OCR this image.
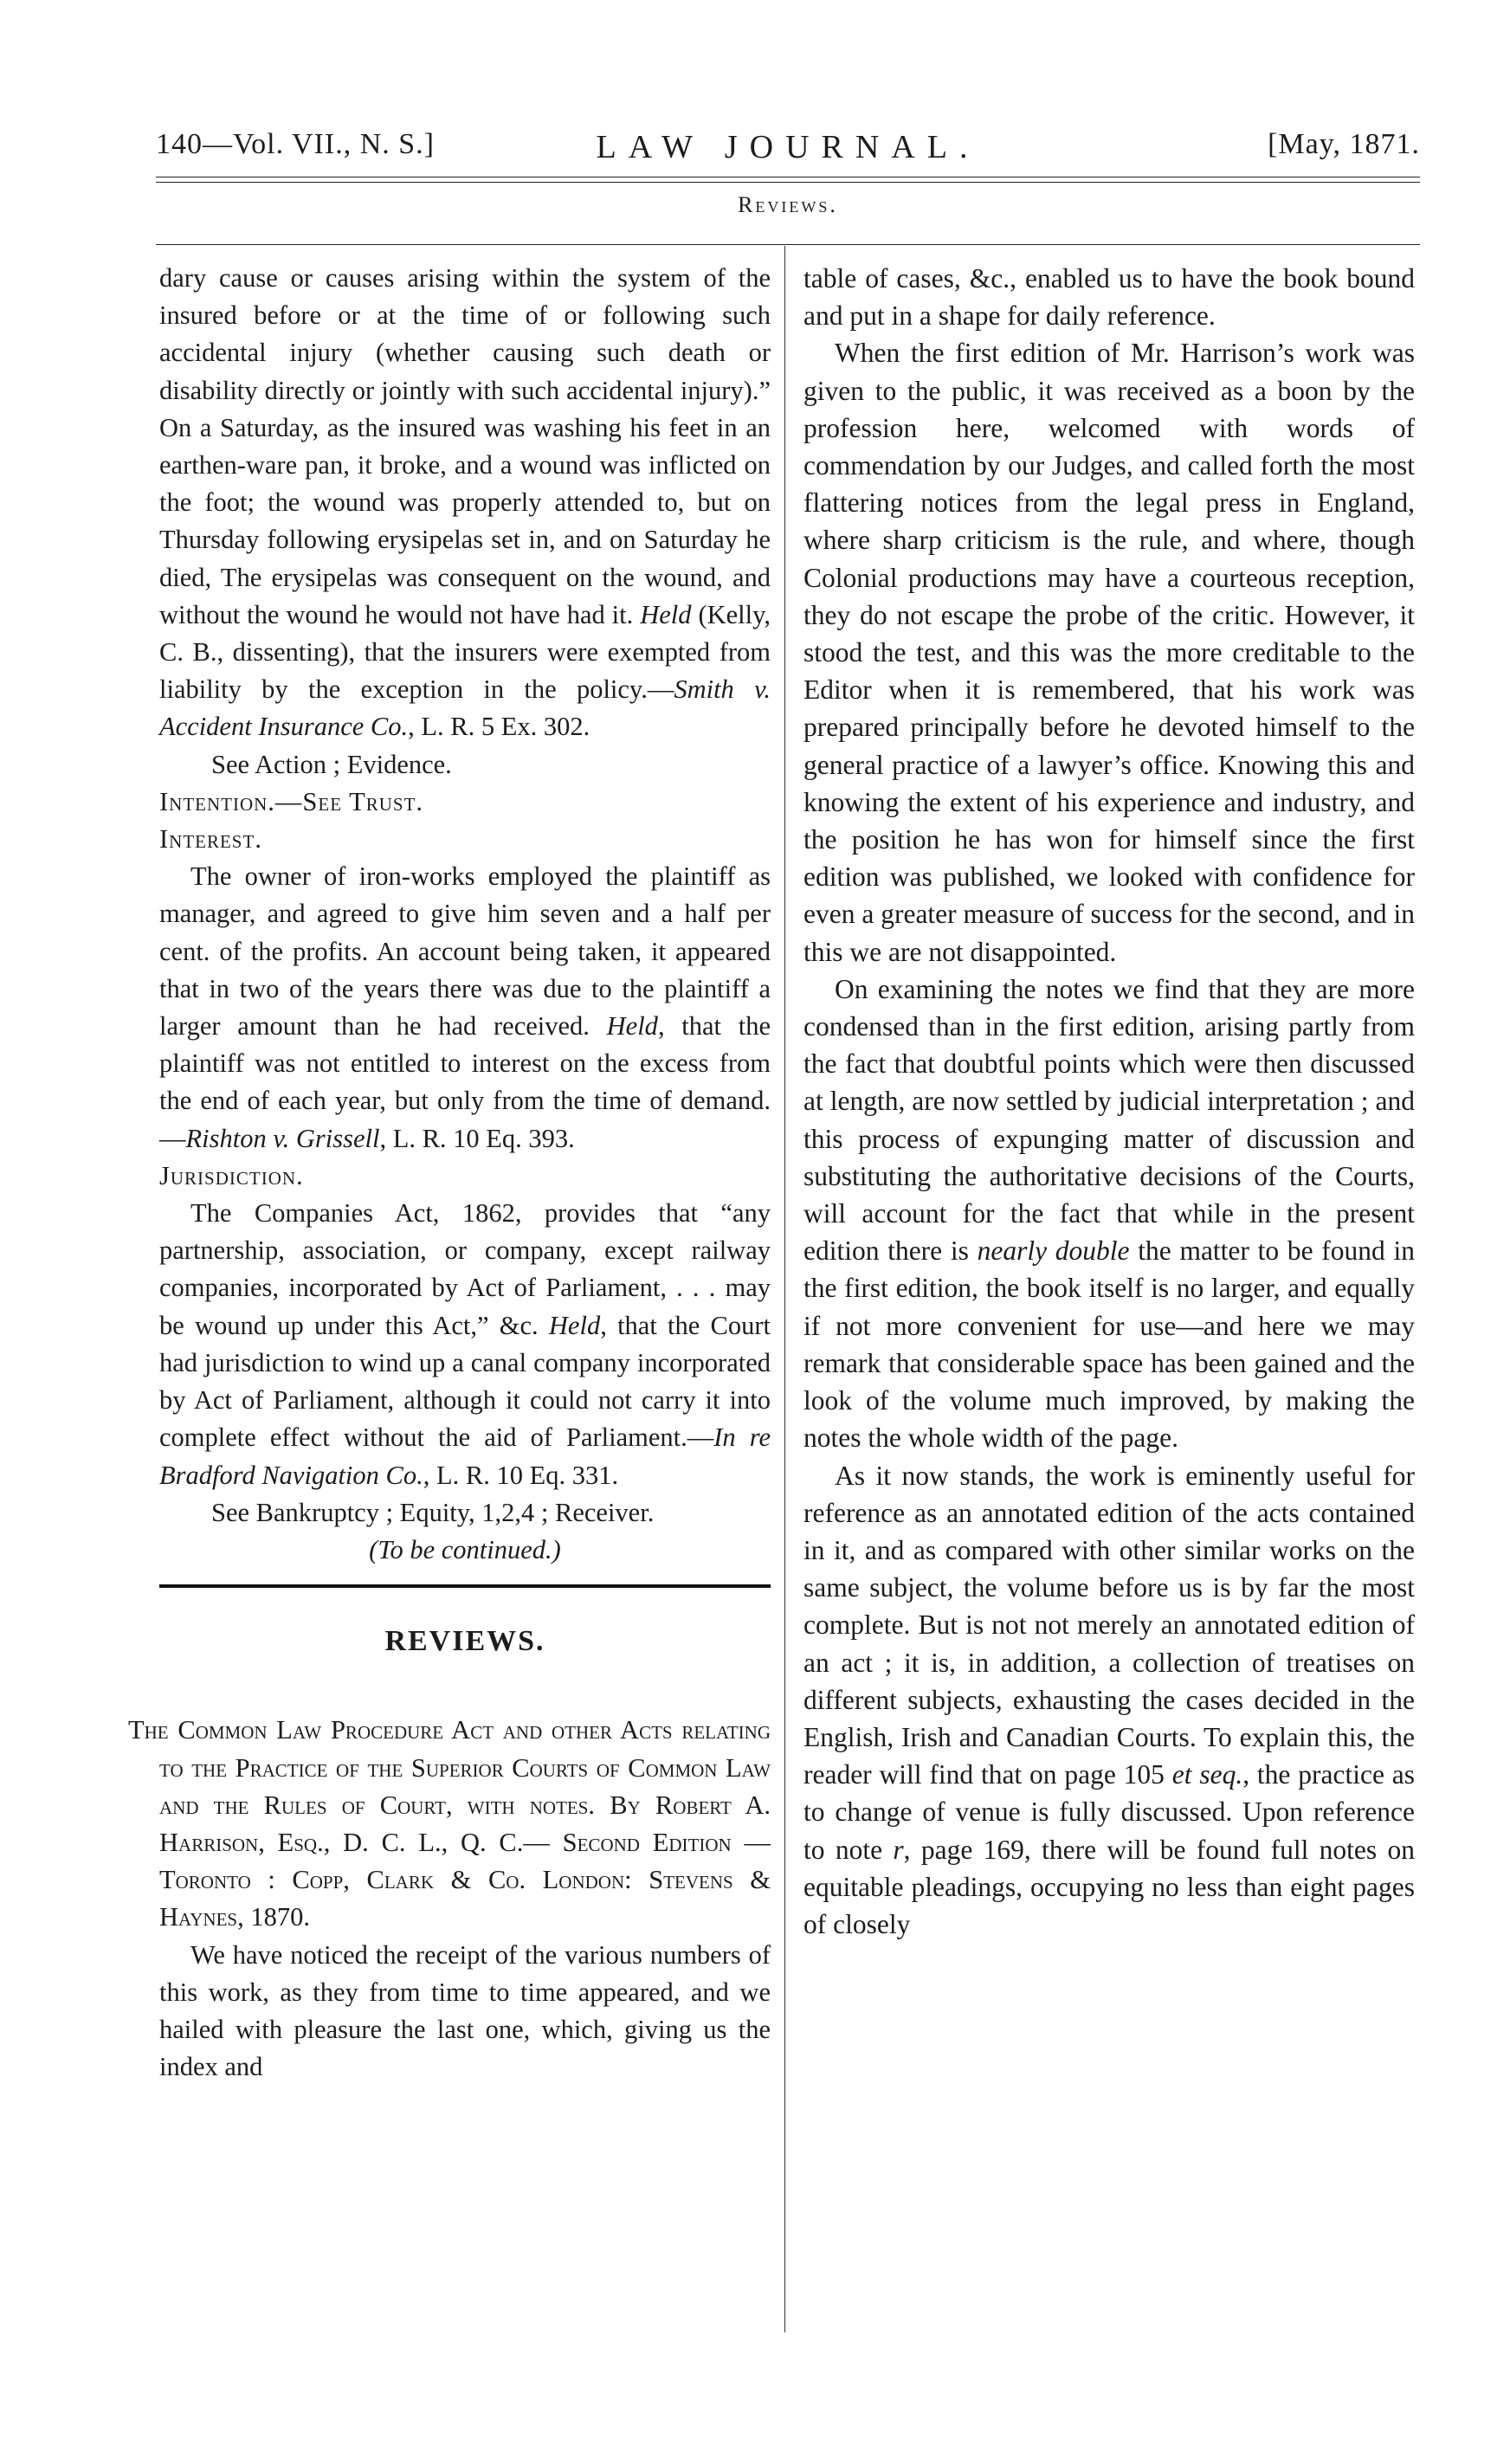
140—Vol. VII., N. S.]	LAW JOURNAL.	[May, 1871.
Reviews.

dary cause or causes arising within the system of the insured before or at the time of or following such accidental injury (whether causing such death or disability directly or jointly with such accidental injury).” On a Saturday, as the insured was washing his feet in an earthen-ware pan, it broke, and a wound was inflicted on the foot; the wound was properly attended to, but on Thursday following erysipelas set in, and on Saturday he died, The erysipelas was consequent on the wound, and without the wound he would not have had it. Held (Kelly, C. B., dissenting), that the insurers were exempted from liability by the exception in the policy.—Smith v. Accident Insurance Co., L. R. 5 Ex. 302.

See Action ; Evidence.

Intention.—See Trust.

Interest.

The owner of iron-works employed the plaintiff as manager, and agreed to give him seven and a half per cent. of the profits. An account being taken, it appeared that in two of the years there was due to the plaintiff a larger amount than he had received. Held, that the plaintiff was not entitled to interest on the excess from the end of each year, but only from the time of demand.—Rishton v. Grissell, L. R. 10 Eq. 393.

Jurisdiction.

The Companies Act, 1862, provides that “any partnership, association, or company, except railway companies, incorporated by Act of Parliament, . . . may be wound up under this Act,” &c. Held, that the Court had jurisdiction to wind up a canal company incorporated by Act of Parliament, although it could not carry it into complete effect without the aid of Parliament.—In re Bradford Navigation Co., L. R. 10 Eq. 331.

See Bankruptcy ; Equity, 1,2,4 ; Receiver.

(To be continued.)

REVIEWS.

The Common Law Procedure Act and other Acts relating to the Practice of the Superior Courts of Common Law and the Rules of Court, with notes. By Robert A. Harrison, Esq., D. C. L., Q. C.— Second Edition — Toronto : Copp, Clark & Co. London: Stevens & Haynes, 1870.

We have noticed the receipt of the various numbers of this work, as they from time to time appeared, and we hailed with pleasure the last one, which, giving us the index and

table of cases, &c., enabled us to have the book bound and put in a shape for daily reference.

When the first edition of Mr. Harrison’s work was given to the public, it was received as a boon by the profession here, welcomed with words of commendation by our Judges, and called forth the most flattering notices from the legal press in England, where sharp criticism is the rule, and where, though Colonial productions may have a courteous reception, they do not escape the probe of the critic. However, it stood the test, and this was the more creditable to the Editor when it is remembered, that his work was prepared principally before he devoted himself to the general practice of a lawyer’s office. Knowing this and knowing the extent of his experience and industry, and the position he has won for himself since the first edition was published, we looked with confidence for even a greater measure of success for the second, and in this we are not disappointed.

On examining the notes we find that they are more condensed than in the first edition, arising partly from the fact that doubtful points which were then discussed at length, are now settled by judicial interpretation ; and this process of expunging matter of discussion and substituting the authoritative decisions of the Courts, will account for the fact that while in the present edition there is nearly double the matter to be found in the first edition, the book itself is no larger, and equally if not more convenient for use—and here we may remark that considerable space has been gained and the look of the volume much improved, by making the notes the whole width of the page.

As it now stands, the work is eminently useful for reference as an annotated edition of the acts contained in it, and as compared with other similar works on the same subject, the volume before us is by far the most complete. But is not not merely an annotated edition of an act ; it is, in addition, a collection of treatises on different subjects, exhausting the cases decided in the English, Irish and Canadian Courts. To explain this, the reader will find that on page 105 et seq., the practice as to change of venue is fully discussed. Upon reference to note r, page 169, there will be found full notes on equitable pleadings, occupying no less than eight pages of closely
